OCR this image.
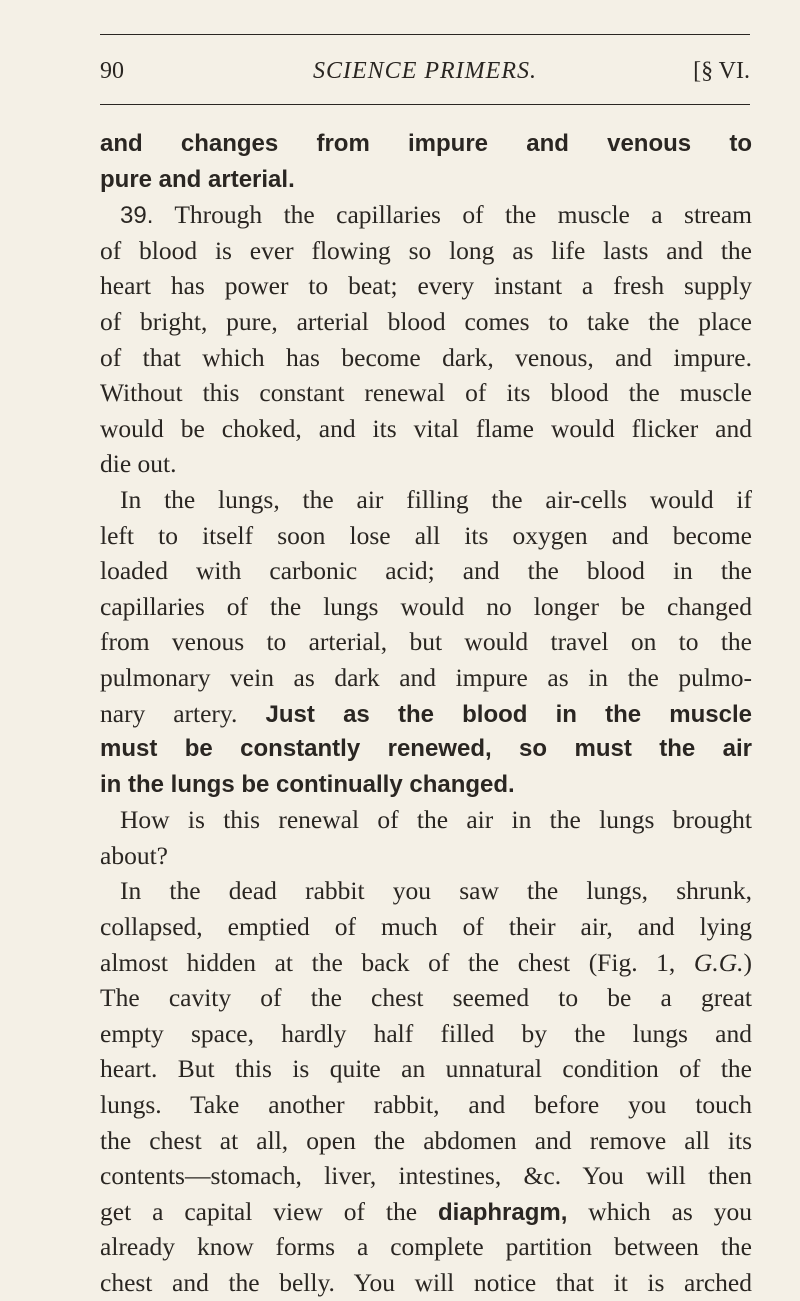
90	SCIENCE PRIMERS.	[§ VI.
and changes from impure and venous to
pure and arterial.
39. Through the capillaries of the muscle a stream
of blood is ever flowing so long as life lasts and the
heart has power to beat; every instant a fresh supply
of bright, pure, arterial blood comes to take the place
of that which has become dark, venous, and impure.
Without this constant renewal of its blood the muscle
would be choked, and its vital flame would flicker and
die out.
In the lungs, the air filling the air-cells would if
left to itself soon lose all its oxygen and become
loaded with carbonic acid; and the blood in the
capillaries of the lungs would no longer be changed
from venous to arterial, but would travel on to the
pulmonary vein as dark and impure as in the pulmo-
nary artery. Just as the blood in the muscle
must be constantly renewed, so must the air
in the lungs be continually changed.
How is this renewal of the air in the lungs brought
about?
In the dead rabbit you saw the lungs, shrunk,
collapsed, emptied of much of their air, and lying
almost hidden at the back of the chest (Fig. 1, G.G.)
The cavity of the chest seemed to be a great
empty space, hardly half filled by the lungs and
heart. But this is quite an unnatural condition of the
lungs. Take another rabbit, and before you touch
the chest at all, open the abdomen and remove all its
contents—stomach, liver, intestines, &c. You will then
get a capital view of the diaphragm, which as you
already know forms a complete partition between the
chest and the belly. You will notice that it is arched
